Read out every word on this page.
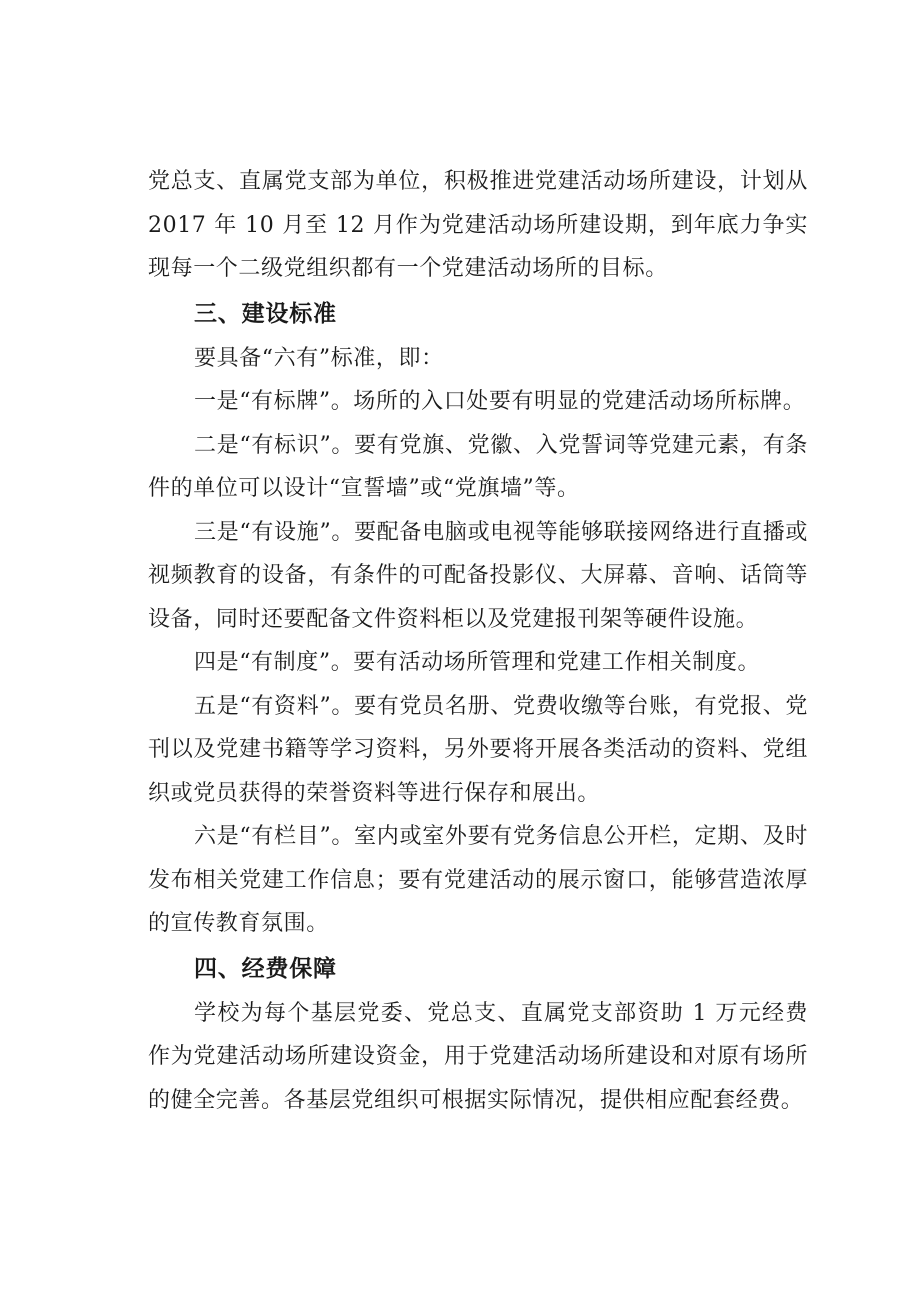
党总支、直属党支部为单位，积极推进党建活动场所建设，计划从 2017 年 10 月至 12 月作为党建活动场所建设期，到年底力争实现每一个二级党组织都有一个党建活动场所的目标。

三、建设标准

要具备“六有”标准，即：

一是“有标牌”。场所的入口处要有明显的党建活动场所标牌。

二是“有标识”。要有党旗、党徽、入党誓词等党建元素，有条件的单位可以设计“宣誓墙”或“党旗墙”等。

三是“有设施”。要配备电脑或电视等能够联接网络进行直播或视频教育的设备，有条件的可配备投影仪、大屏幕、音响、话筒等设备，同时还要配备文件资料柜以及党建报刊架等硬件设施。

四是“有制度”。要有活动场所管理和党建工作相关制度。

五是“有资料”。要有党员名册、党费收缴等台账，有党报、党刊以及党建书籍等学习资料，另外要将开展各类活动的资料、党组织或党员获得的荣誉资料等进行保存和展出。

六是“有栏目”。室内或室外要有党务信息公开栏，定期、及时发布相关党建工作信息；要有党建活动的展示窗口，能够营造浓厚的宣传教育氛围。

四、经费保障

学校为每个基层党委、党总支、直属党支部资助 1 万元经费作为党建活动场所建设资金，用于党建活动场所建设和对原有场所的健全完善。各基层党组织可根据实际情况，提供相应配套经费。
